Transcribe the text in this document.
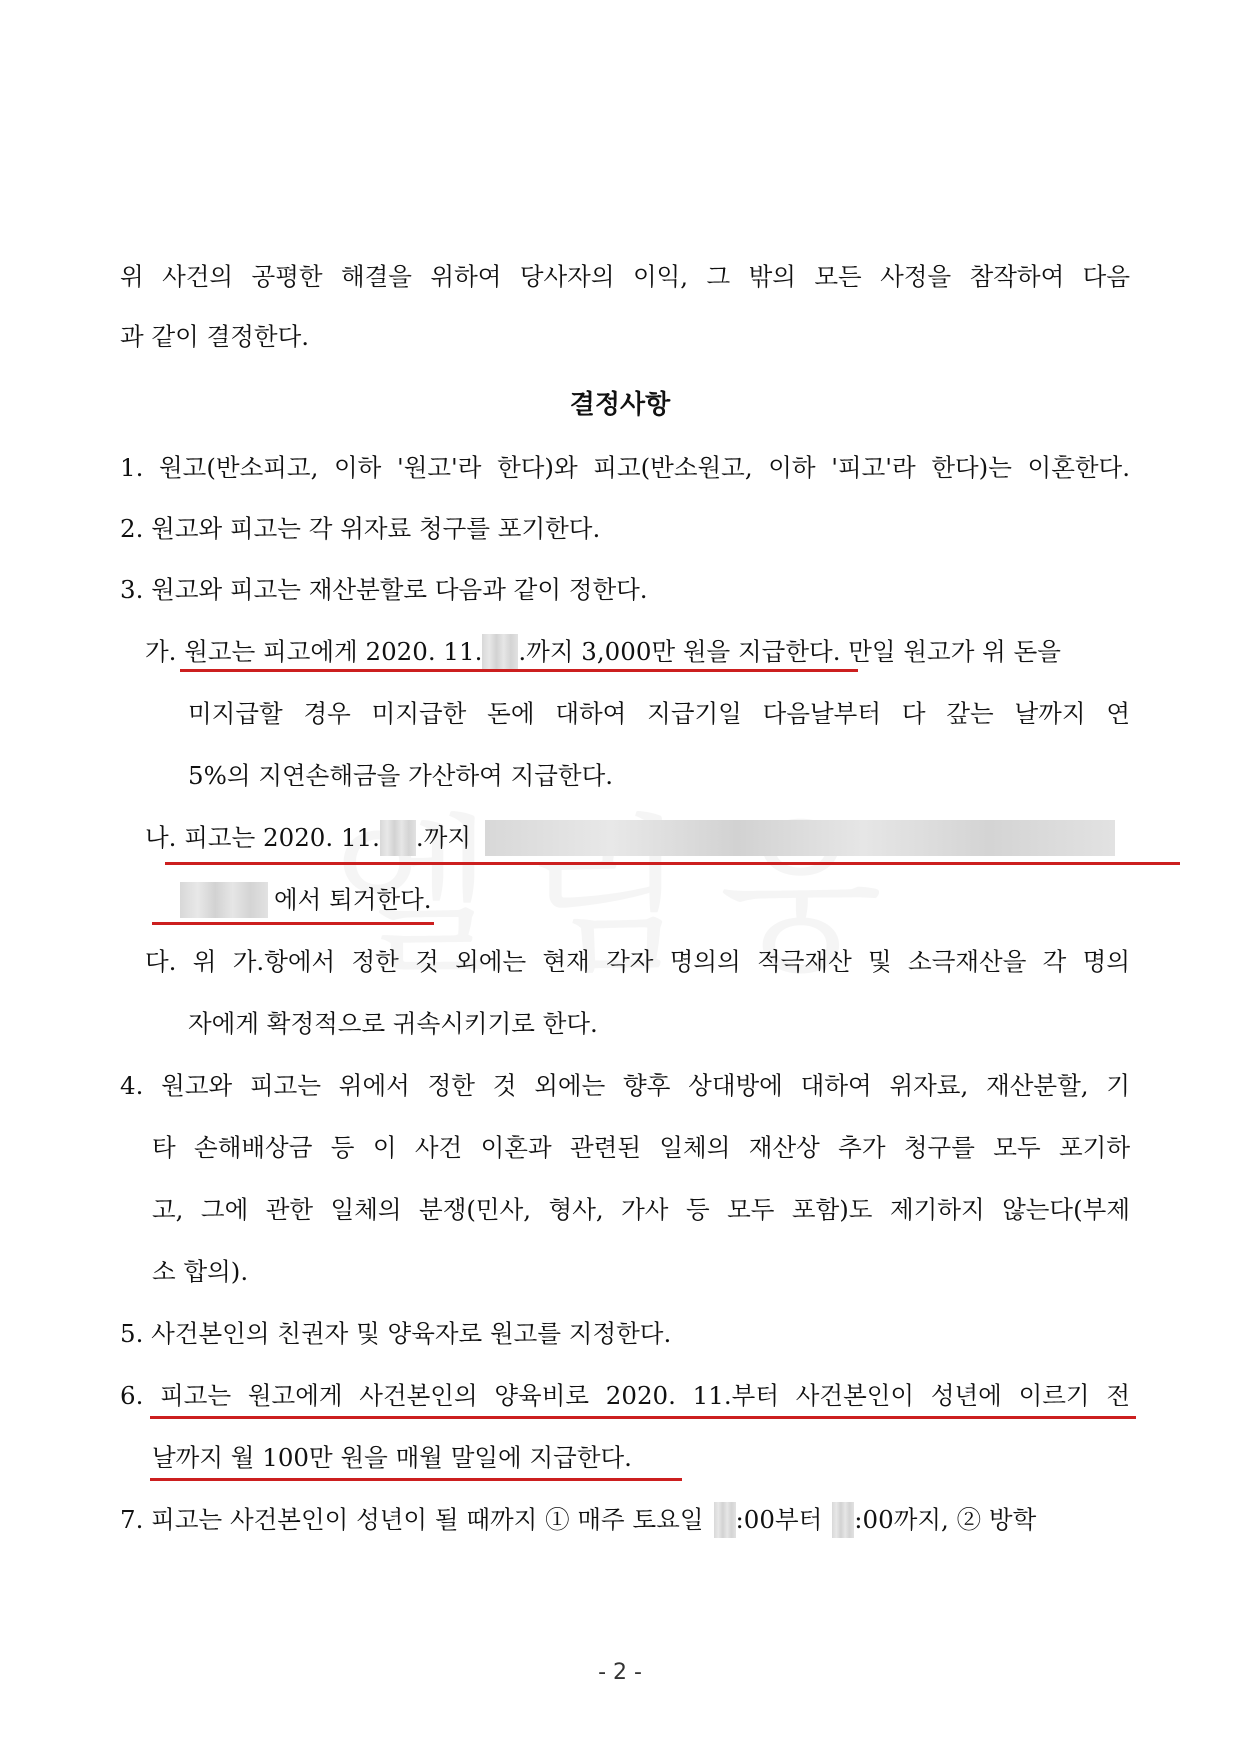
위 사건의 공평한 해결을 위하여 당사자의 이익, 그 밖의 모든 사정을 참작하여 다음
과 같이 결정한다.
결정사항
1. 원고(반소피고, 이하 '원고'라 한다)와 피고(반소원고, 이하 '피고'라 한다)는 이혼한다.
2. 원고와 피고는 각 위자료 청구를 포기한다.
3. 원고와 피고는 재산분할로 다음과 같이 정한다.
가. 원고는 피고에게 2020. 11. .까지 3,000만 원을 지급한다. 만일 원고가 위 돈을
미지급할 경우 미지급한 돈에 대하여 지급기일 다음날부터 다 갚는 날까지 연
5%의 지연손해금을 가산하여 지급한다.
나. 피고는 2020. 11. .까지
에서 퇴거한다.
다. 위 가.항에서 정한 것 외에는 현재 각자 명의의 적극재산 및 소극재산을 각 명의
자에게 확정적으로 귀속시키기로 한다.
4. 원고와 피고는 위에서 정한 것 외에는 향후 상대방에 대하여 위자료, 재산분할, 기
타 손해배상금 등 이 사건 이혼과 관련된 일체의 재산상 추가 청구를 모두 포기하
고, 그에 관한 일체의 분쟁(민사, 형사, 가사 등 모두 포함)도 제기하지 않는다(부제
소 합의).
5. 사건본인의 친권자 및 양육자로 원고를 지정한다.
6. 피고는 원고에게 사건본인의 양육비로 2020. 11.부터 사건본인이 성년에 이르기 전
날까지 월 100만 원을 매월 말일에 지급한다.
7. 피고는 사건본인이 성년이 될 때까지 ① 매주 토요일 :00부터 :00까지, ② 방학
- 2 -
